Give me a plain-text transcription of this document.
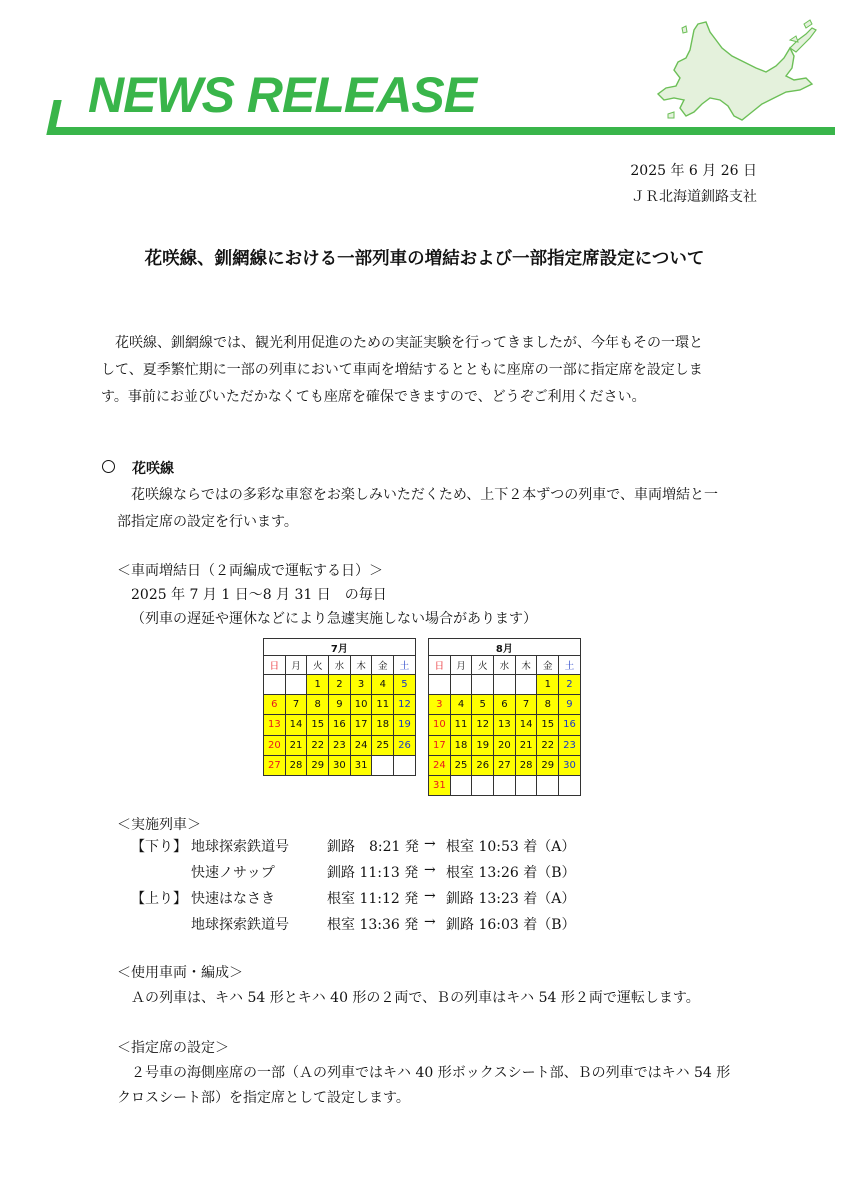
NEWS RELEASE
2025 年 6 月 26 日
ＪＲ北海道釧路支社
花咲線、釧網線における一部列車の増結および一部指定席設定について
花咲線、釧網線では、観光利用促進のための実証実験を行ってきましたが、今年もその一環と
して、夏季繁忙期に一部の列車において車両を増結するとともに座席の一部に指定席を設定しま
す。事前にお並びいただかなくても座席を確保できますので、どうぞご利用ください。
花咲線
花咲線ならではの多彩な車窓をお楽しみいただくため、上下２本ずつの列車で、車両増結と一
部指定席の設定を行います。
＜車両増結日（２両編成で運転する日）＞
2025 年 7 月 1 日～8 月 31 日　の毎日
（列車の遅延や運休などにより急遽実施しない場合があります）
7月						
日	月	火	水	木	金	土
		1	2	3	4	5
6	7	8	9	10	11	12
13	14	15	16	17	18	19
20	21	22	23	24	25	26
27	28	29	30	31		
8月						
日	月	火	水	木	金	土
					1	2
3	4	5	6	7	8	9
10	11	12	13	14	15	16
17	18	19	20	21	22	23
24	25	26	27	28	29	30
31						
＜実施列車＞
【下り】 地球探索鉄道号	釧路　8:21 発 → 根室 10:53 着（A）
快速ノサップ	釧路 11:13 発 → 根室 13:26 着（B）
【上り】 快速はなさき	根室 11:12 発 → 釧路 13:23 着（A）
地球探索鉄道号	根室 13:36 発 → 釧路 16:03 着（B）
＜使用車両・編成＞
Ａの列車は、キハ 54 形とキハ 40 形の２両で、Ｂの列車はキハ 54 形２両で運転します。
＜指定席の設定＞
２号車の海側座席の一部（Ａの列車ではキハ 40 形ボックスシート部、Ｂの列車ではキハ 54 形
クロスシート部）を指定席として設定します。
